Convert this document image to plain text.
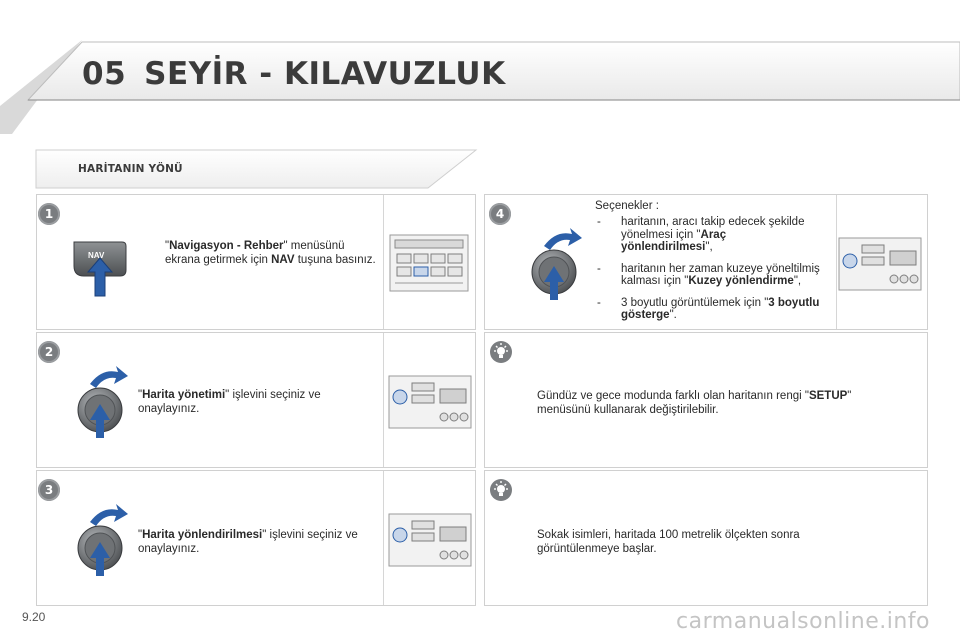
05 SEYİR - KILAVUZLUK
HARİTANIN YÖNÜ
1
NAV
"Navigasyon - Rehber" menüsünü ekrana getirmek için NAV tuşuna basınız.
2
"Harita yönetimi" işlevini seçiniz ve onaylayınız.
3
"Harita yönlendirilmesi" işlevini seçiniz ve onaylayınız.
4
Seçenekler :
- haritanın, aracı takip edecek şekilde yönelmesi için "Araç yönlendirilmesi",
- haritanın her zaman kuzeye yöneltilmiş kalması için "Kuzey yönlendirme",
- 3 boyutlu görüntülemek için "3 boyutlu gösterge".
Gündüz ve gece modunda farklı olan haritanın rengi "SETUP" menüsünü kullanarak değiştirilebilir.
Sokak isimleri, haritada 100 metrelik ölçekten sonra görüntülenmeye başlar.
9.20	carmanualsonline.info
